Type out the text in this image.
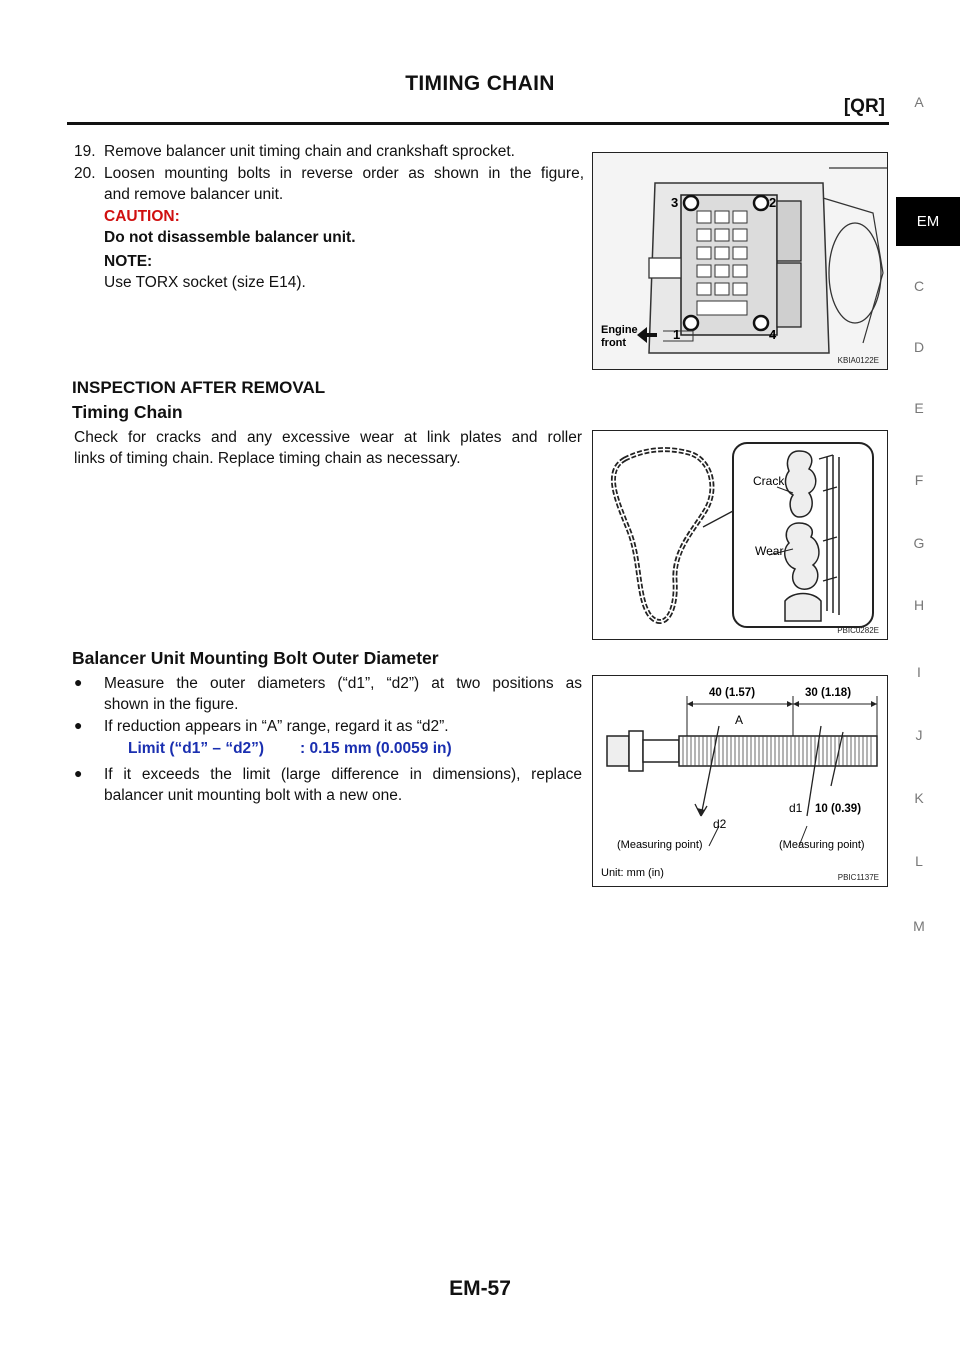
TIMING CHAIN
[QR] A
EM
C
D
E
F
G
H
I
J
K
L
M
19. Remove balancer unit timing chain and crankshaft sprocket.
20. Loosen mounting bolts in reverse order as shown in the figure,
and remove balancer unit.
CAUTION:
Do not disassemble balancer unit.
NOTE:
Use TORX socket (size E14).
3	2
1	4
Engine
front
KBIA0122E
INSPECTION AFTER REMOVAL
Timing Chain
Check for cracks and any excessive wear at link plates and roller
links of timing chain. Replace timing chain as necessary.
Crack
Wear
PBIC0282E
Balancer Unit Mounting Bolt Outer Diameter
● Measure the outer diameters (“d1”, “d2”) at two positions as
shown in the figure.
● If reduction appears in “A” range, regard it as “d2”.
Limit (“d1” – “d2”) : 0.15 mm (0.0059 in)
● If it exceeds the limit (large difference in dimensions), replace
balancer unit mounting bolt with a new one.
40 (1.57)	30 (1.18)
A
d2
d1 10 (0.39)
(Measuring point)	(Measuring point)
Unit: mm (in)	PBIC1137E
EM-57
